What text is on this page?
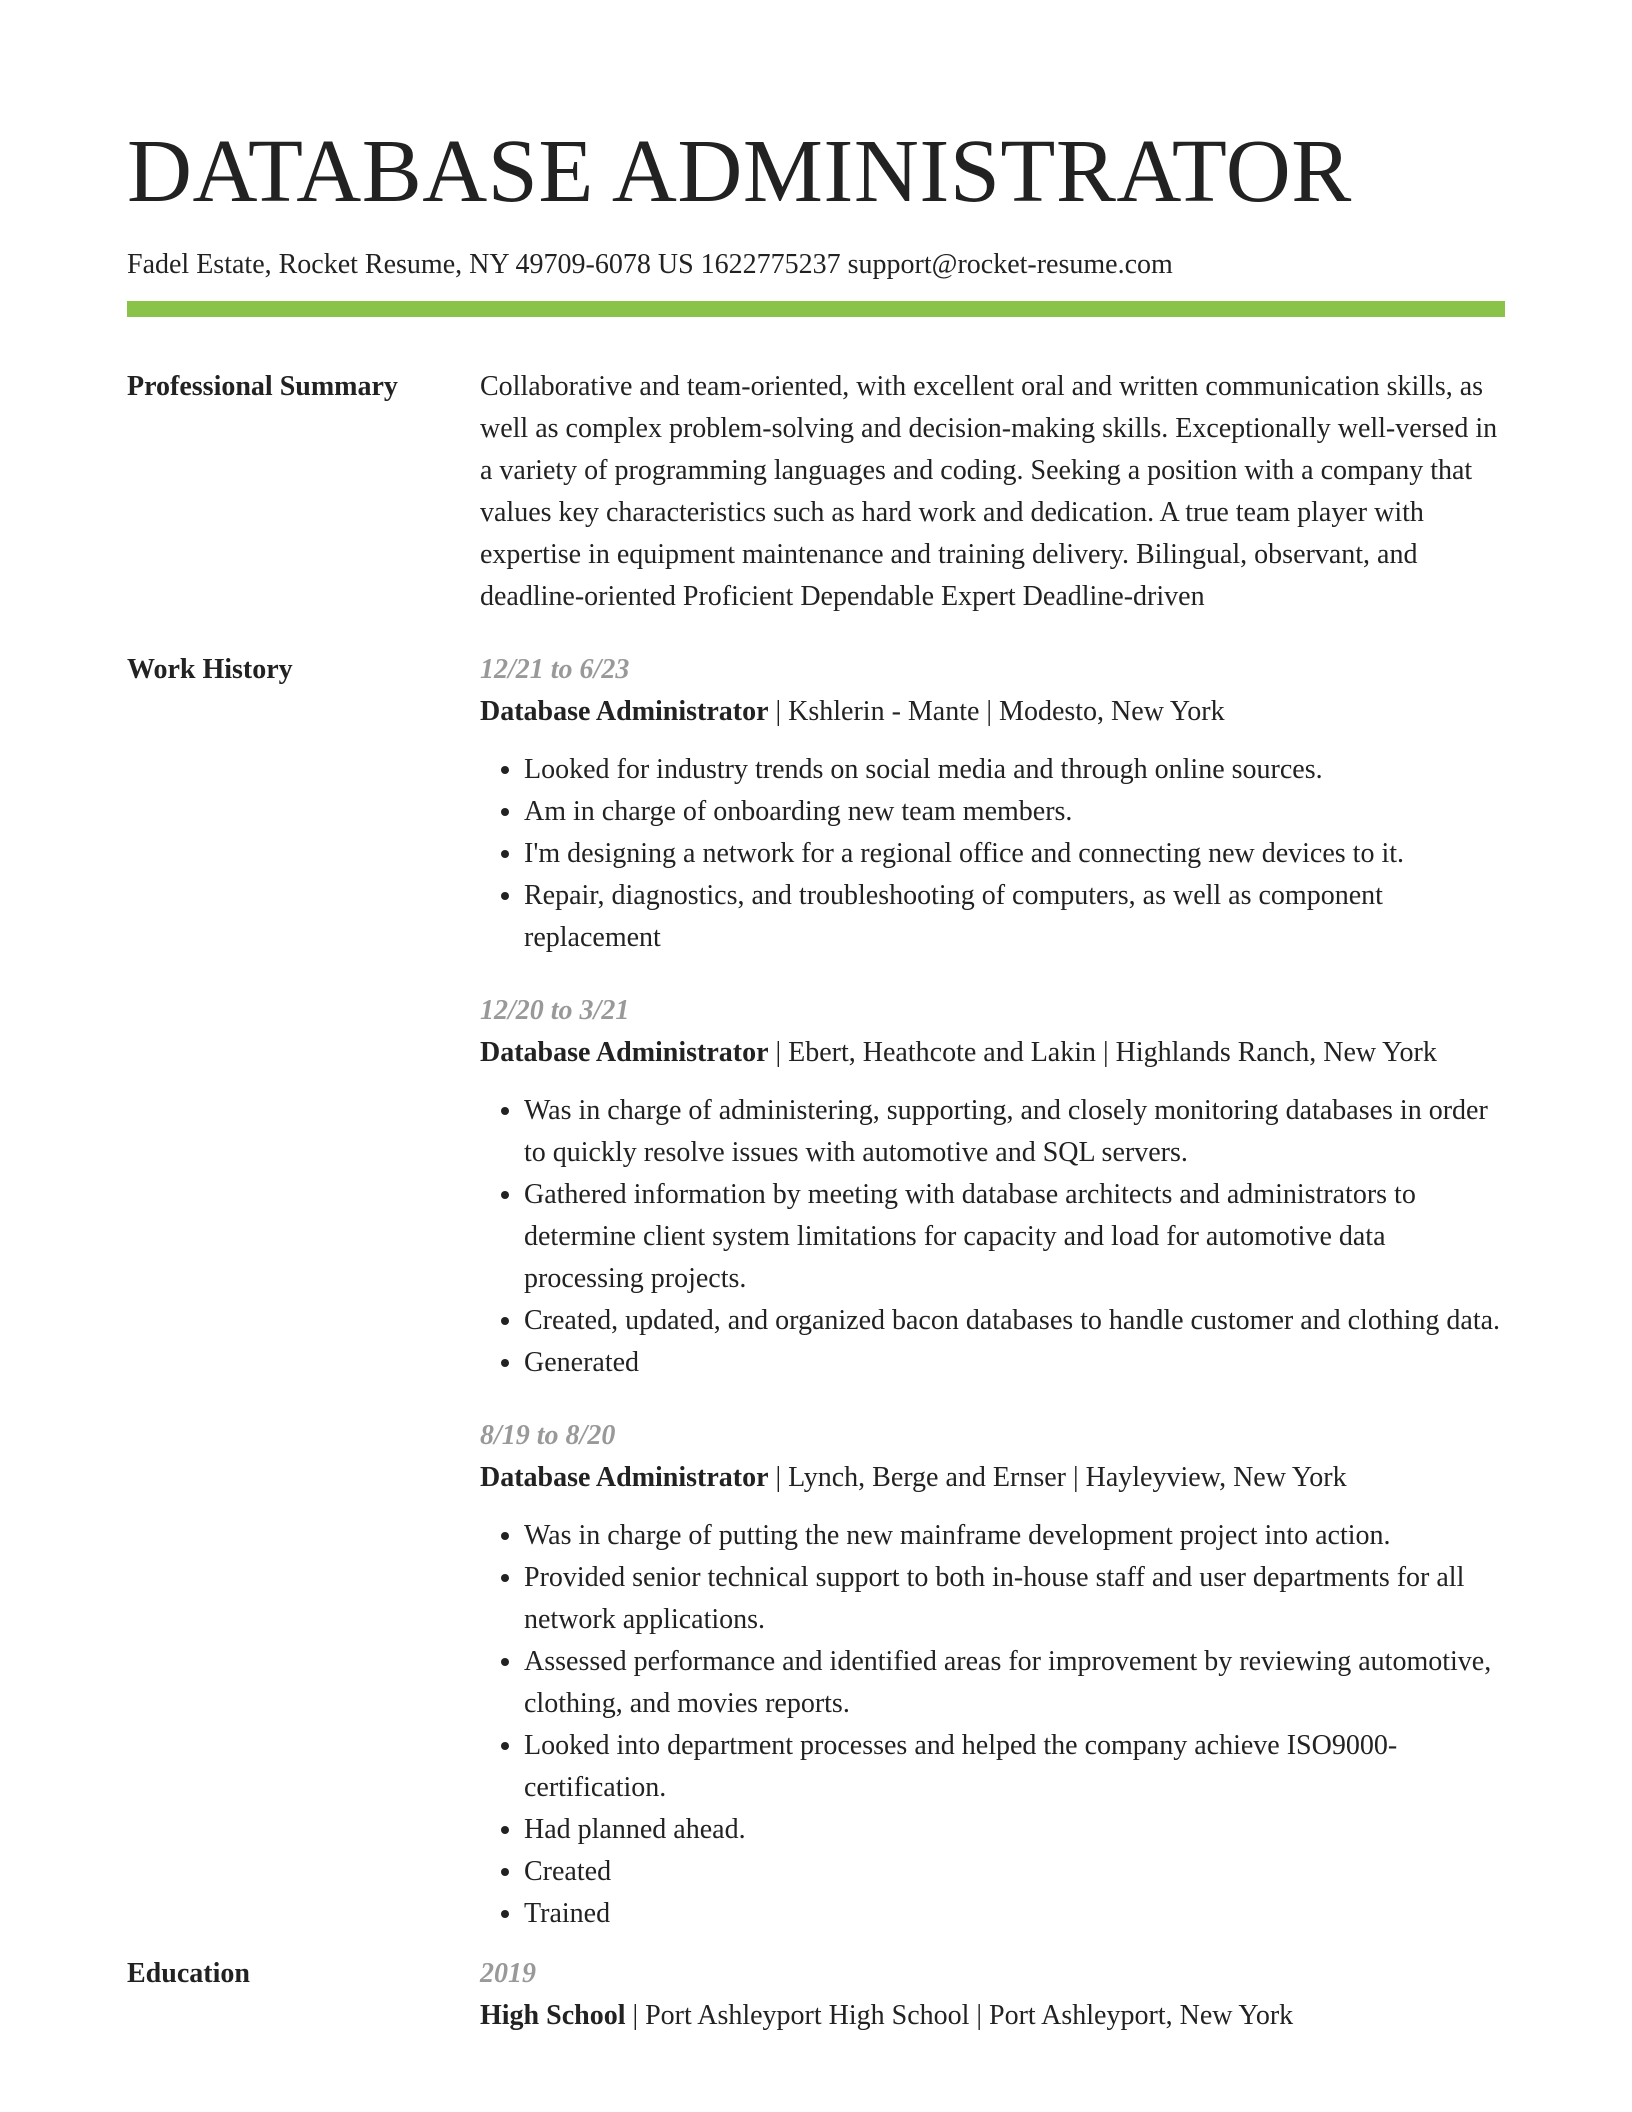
DATABASE ADMINISTRATOR
Fadel Estate, Rocket Resume, NY 49709-6078 US 1622775237 support@rocket-resume.com
Professional Summary	Collaborative and team-oriented, with excellent oral and written communication skills, as well as complex problem-solving and decision-making skills. Exceptionally well-versed in a variety of programming languages and coding. Seeking a position with a company that values key characteristics such as hard work and dedication. A true team player with expertise in equipment maintenance and training delivery. Bilingual, observant, and deadline-oriented Proficient Dependable Expert Deadline-driven
Work History	12/21 to 6/23
Database Administrator | Kshlerin - Mante | Modesto, New York
• Looked for industry trends on social media and through online sources.
• Am in charge of onboarding new team members.
• I'm designing a network for a regional office and connecting new devices to it.
• Repair, diagnostics, and troubleshooting of computers, as well as component replacement
12/20 to 3/21
Database Administrator | Ebert, Heathcote and Lakin | Highlands Ranch, New York
• Was in charge of administering, supporting, and closely monitoring databases in order to quickly resolve issues with automotive and SQL servers.
• Gathered information by meeting with database architects and administrators to determine client system limitations for capacity and load for automotive data processing projects.
• Created, updated, and organized bacon databases to handle customer and clothing data.
• Generated
8/19 to 8/20
Database Administrator | Lynch, Berge and Ernser | Hayleyview, New York
• Was in charge of putting the new mainframe development project into action.
• Provided senior technical support to both in-house staff and user departments for all network applications.
• Assessed performance and identified areas for improvement by reviewing automotive, clothing, and movies reports.
• Looked into department processes and helped the company achieve ISO9000-certification.
• Had planned ahead.
• Created
• Trained
Education	2019
High School | Port Ashleyport High School | Port Ashleyport, New York
